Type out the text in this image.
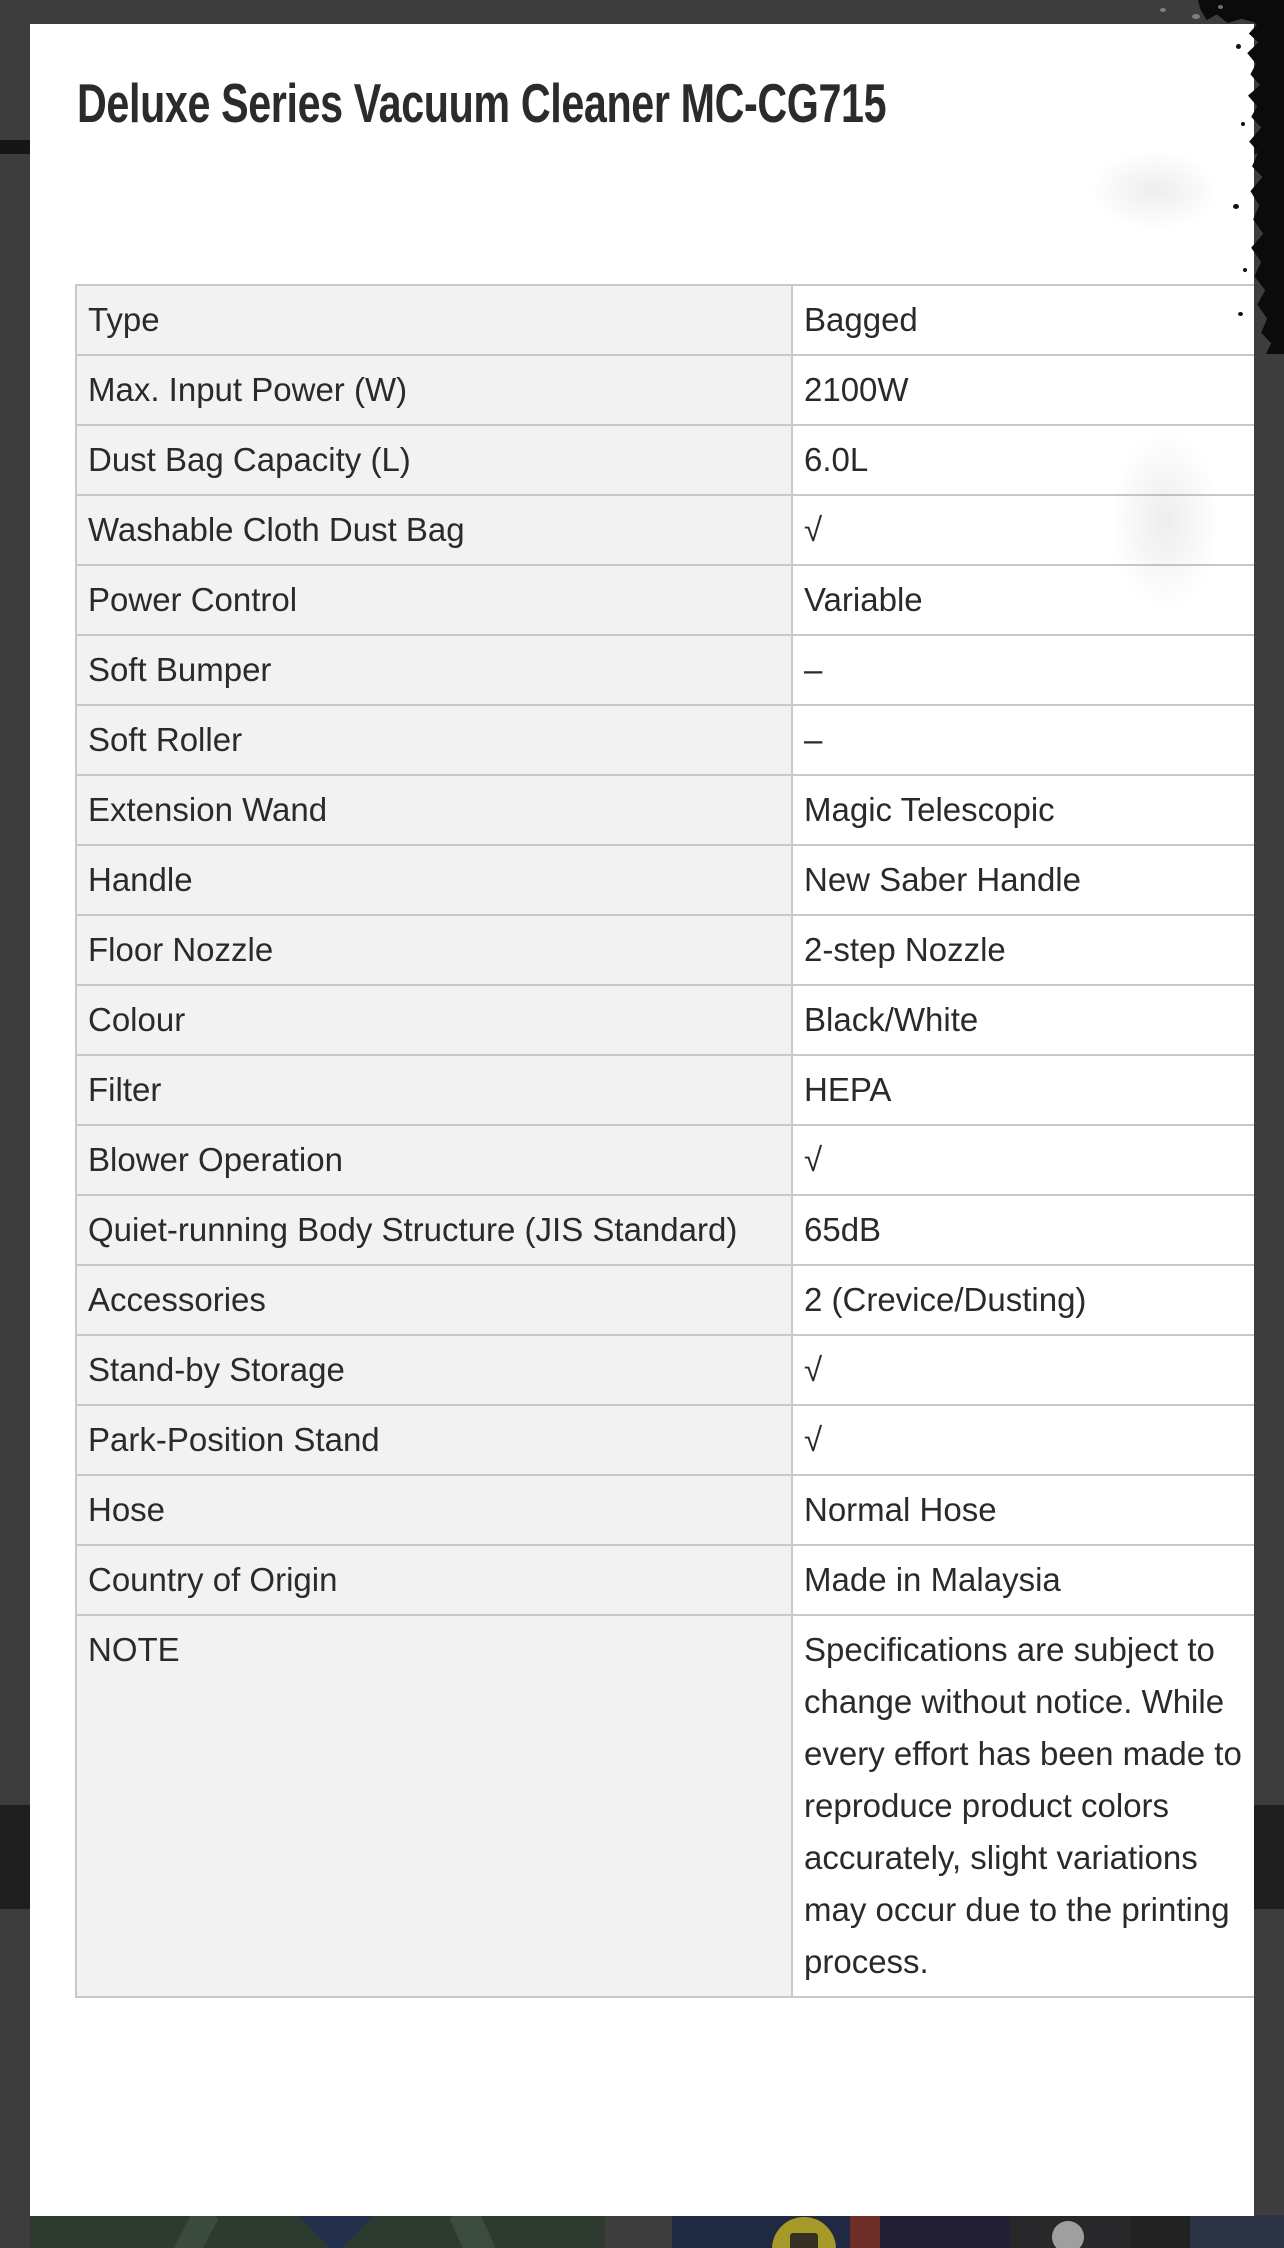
Deluxe Series Vacuum Cleaner MC-CG715
Type	Bagged
Max. Input Power (W)	2100W
Dust Bag Capacity (L)	6.0L
Washable Cloth Dust Bag	√
Power Control	Variable
Soft Bumper	–
Soft Roller	–
Extension Wand	Magic Telescopic
Handle	New Saber Handle
Floor Nozzle	2-step Nozzle
Colour	Black/White
Filter	HEPA
Blower Operation	√
Quiet-running Body Structure (JIS Standard)	65dB
Accessories	2 (Crevice/Dusting)
Stand-by Storage	√
Park-Position Stand	√
Hose	Normal Hose
Country of Origin	Made in Malaysia
NOTE	Specifications are subject to change without notice. While every effort has been made to reproduce product colors accurately, slight variations may occur due to the printing process.
